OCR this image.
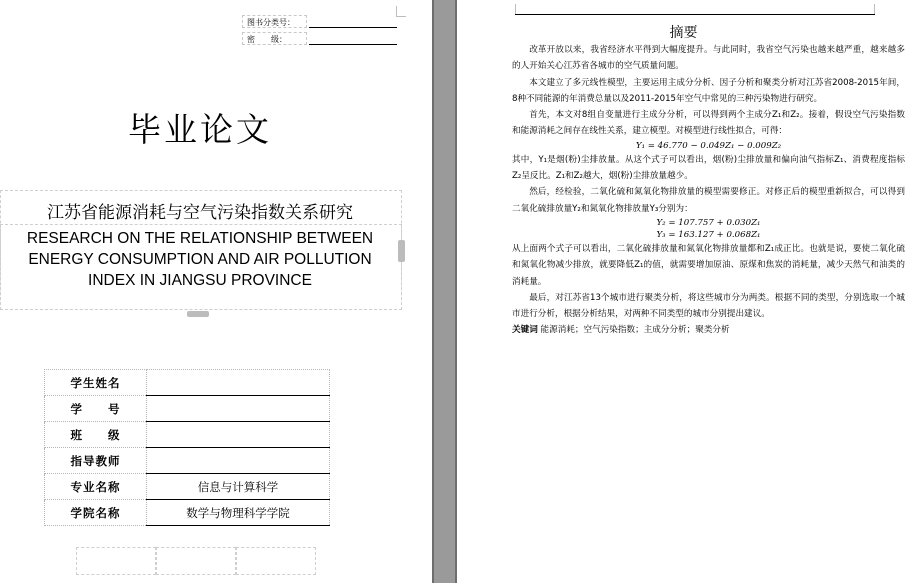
图书分类号：
密　　级：
毕业论文
江苏省能源消耗与空气污染指数关系研究
RESEARCH ON THE RELATIONSHIP BETWEEN ENERGY CONSUMPTION AND AIR POLLUTION INDEX IN JIANGSU PROVINCE
学生姓名	
学　　号	
班　　级	
指导教师	
专业名称	信息与计算科学
学院名称	数学与物理科学学院
摘要

改革开放以来，我省经济水平得到大幅度提升。与此同时，我省空气污染也越来越严重，越来越多的人开始关心江苏省各城市的空气质量问题。

本文建立了多元线性模型，主要运用主成分分析、因子分析和聚类分析对江苏省2008-2015年间，8种不同能源的年消费总量以及2011-2015年空气中常见的三种污染物进行研究。

首先，本文对8组自变量进行主成分分析，可以得到两个主成分Z₁和Z₂。接着，假设空气污染指数和能源消耗之间存在线性关系，建立模型。对模型进行线性拟合，可得：

Y₁ = 46.770 − 0.049Z₁ − 0.009Z₂

其中，Y₁是烟(粉)尘排放量。从这个式子可以看出，烟(粉)尘排放量和偏向油气指标Z₁、消费程度指标Z₂呈反比。Z₁和Z₂越大，烟(粉)尘排放量越少。

然后，经检验，二氧化硫和氮氧化物排放量的模型需要修正。对修正后的模型重新拟合，可以得到二氧化硫排放量Y₂和氮氧化物排放量Y₃分别为：

Y₂ = 107.757 + 0.030Z₁

Y₃ = 163.127 + 0.068Z₁

从上面两个式子可以看出，二氧化硫排放量和氮氧化物排放量都和Z₁成正比。也就是说，要使二氧化硫和氮氧化物减少排放，就要降低Z₁的值，就需要增加原油、原煤和焦炭的消耗量，减少天然气和油类的消耗量。

最后，对江苏省13个城市进行聚类分析，将这些城市分为两类。根据不同的类型，分别选取一个城市进行分析，根据分析结果，对两种不同类型的城市分别提出建议。

关键词 能源消耗；空气污染指数；主成分分析；聚类分析
